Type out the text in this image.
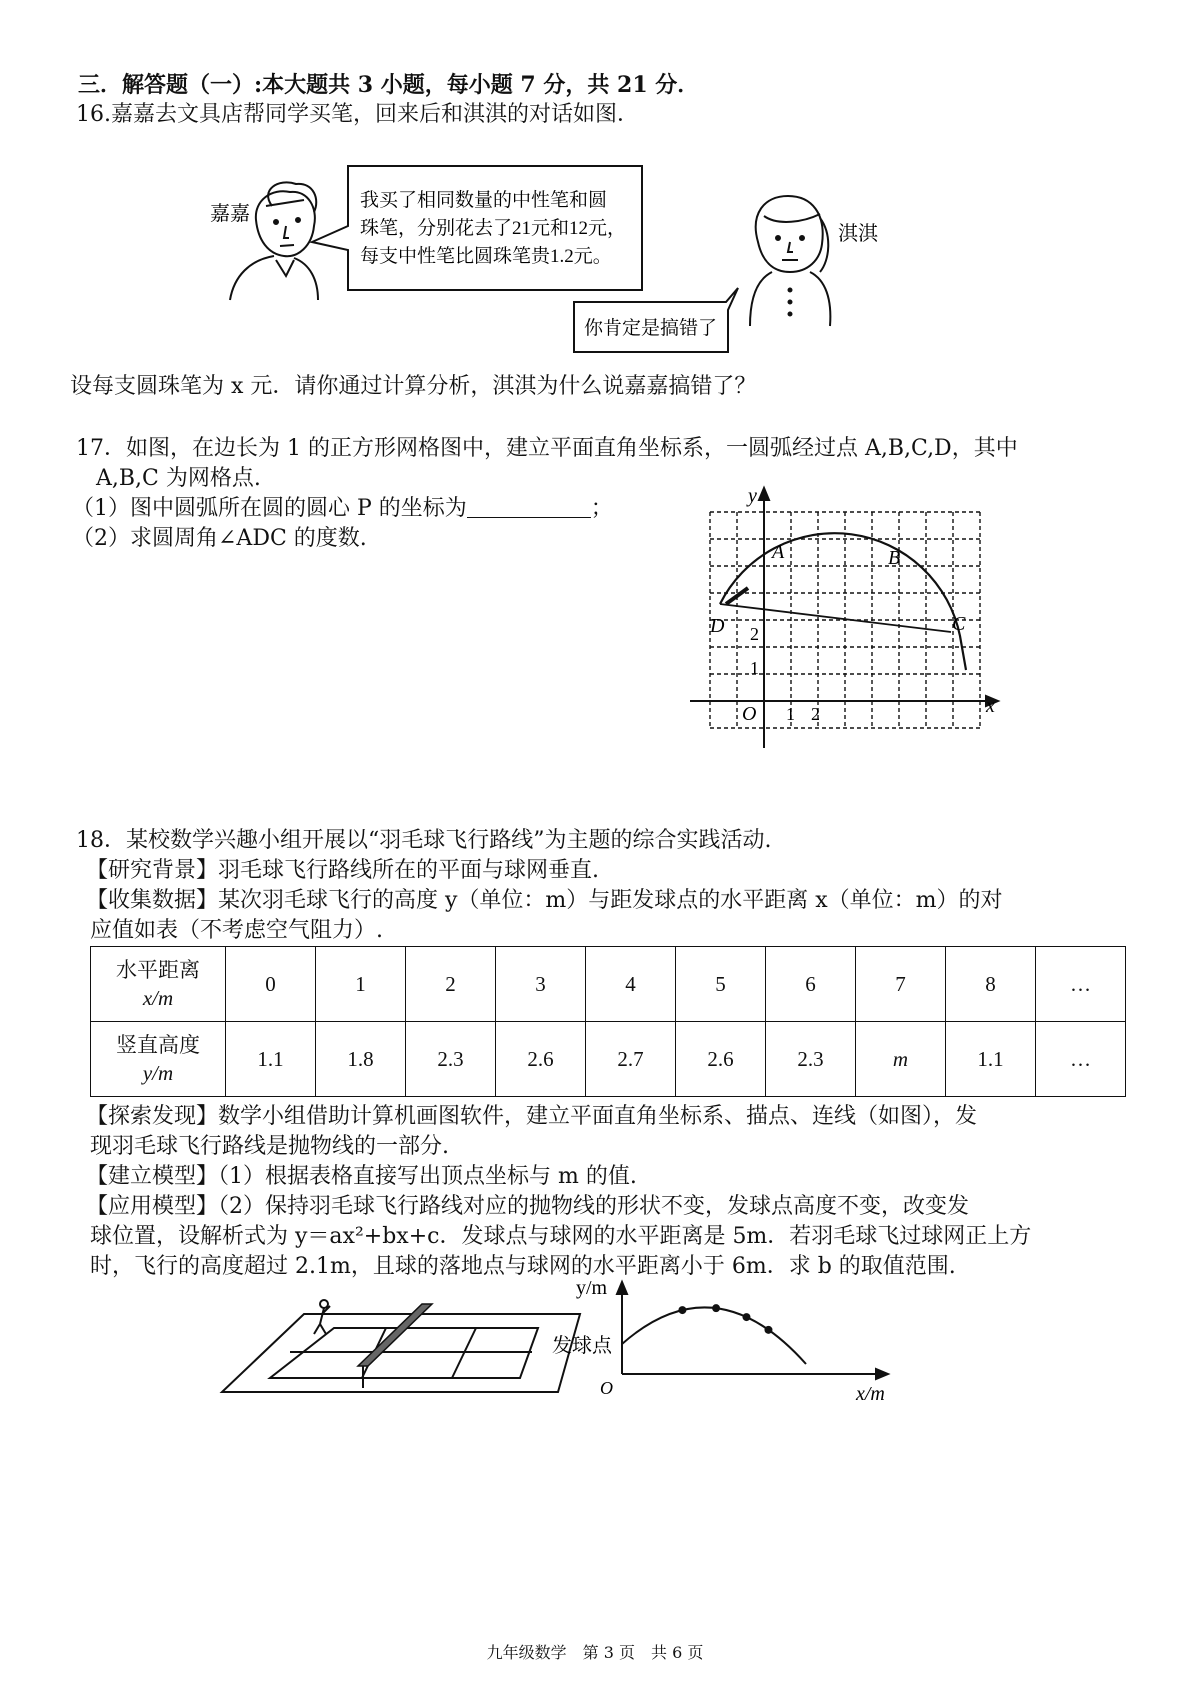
三．解答题（一）:本大题共 3 小题，每小题 7 分，共 21 分．
16.嘉嘉去文具店帮同学买笔，回来后和淇淇的对话如图．
嘉嘉
我买了相同数量的中性笔和圆
珠笔，分别花去了21元和12元，
每支中性笔比圆珠笔贵1.2元。
淇淇
你肯定是搞错了
设每支圆珠笔为 x 元．请你通过计算分析，淇淇为什么说嘉嘉搞错了？
17．如图，在边长为 1 的正方形网格图中，建立平面直角坐标系，一圆弧经过点 A,B,C,D，其中
A,B,C 为网格点.
（1）图中圆弧所在圆的圆心 P 的坐标为	；
（2）求圆周角∠ADC 的度数.
A	B
C
D
x
y
O 1 2
1
2
18．某校数学兴趣小组开展以“羽毛球飞行路线”为主题的综合实践活动.
【研究背景】羽毛球飞行路线所在的平面与球网垂直.
【收集数据】某次羽毛球飞行的高度 y（单位：m）与距发球点的水平距离 x（单位：m）的对
应值如表（不考虑空气阻力）.
水平距离
x/m	0	1	2	3	4	5	6	7	8	…
竖直高度
y/m	1.1	1.8	2.3	2.6	2.7	2.6	2.3	m	1.1	…
【探索发现】数学小组借助计算机画图软件，建立平面直角坐标系、描点、连线（如图），发
现羽毛球飞行路线是抛物线的一部分.
【建立模型】（1）根据表格直接写出顶点坐标与 m 的值.
【应用模型】（2）保持羽毛球飞行路线对应的抛物线的形状不变，发球点高度不变，改变发
球位置，设解析式为 y＝ax²+bx+c．发球点与球网的水平距离是 5m．若羽毛球飞过球网正上方
时，飞行的高度超过 2.1m，且球的落地点与球网的水平距离小于 6m．求 b 的取值范围.
y/m
x/m
O
发球点
九年级数学　第 3 页　共 6 页
